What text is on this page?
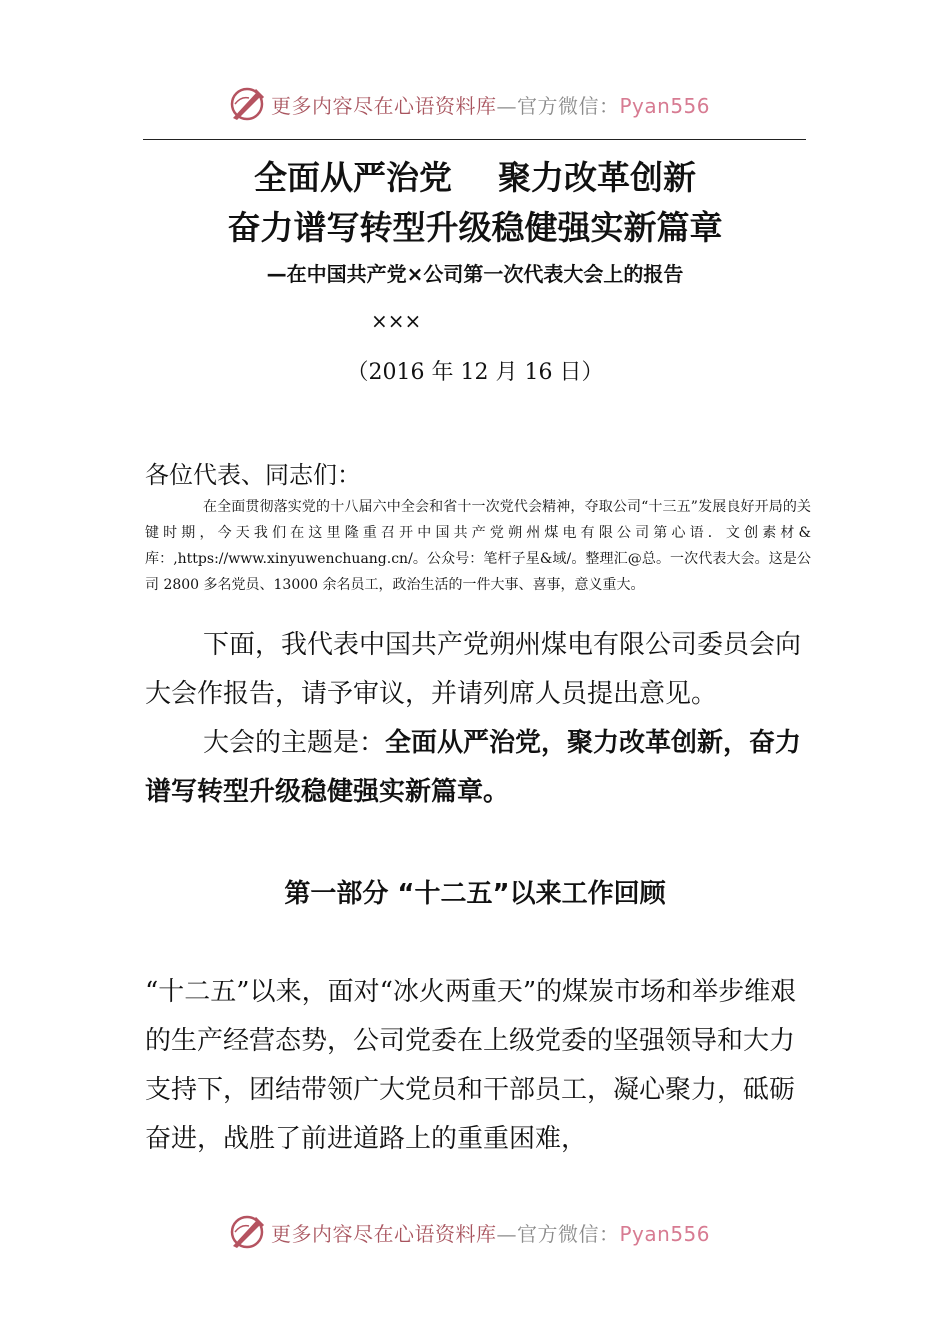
更多内容尽在心语资料库—官方微信：Pyan556
全面从严治党    聚力改革创新
奋力谱写转型升级稳健强实新篇章
—在中国共产党×公司第一次代表大会上的报告
×××
（2016 年 12 月 16 日）
各位代表、同志们：
在全面贯彻落实党的十八届六中全会和省十一次党代会精神，夺取公司“十三五”发展良好开局的关键时期，今天我们在这里隆重召开中国共产党朔州煤电有限公司第心语．文创素材&库：,https://www.xinyuwenchuang.cn/。公众号：笔杆子星&域/。整理汇@总。一次代表大会。这是公司 2800 多名党员、13000 余名员工，政治生活的一件大事、喜事，意义重大。
下面，我代表中国共产党朔州煤电有限公司委员会向大会作报告，请予审议，并请列席人员提出意见。
大会的主题是：全面从严治党，聚力改革创新，奋力谱写转型升级稳健强实新篇章。
第一部分 “十二五”以来工作回顾
“十二五”以来，面对“冰火两重天”的煤炭市场和举步维艰的生产经营态势，公司党委在上级党委的坚强领导和大力支持下，团结带领广大党员和干部员工，凝心聚力，砥砺奋进，战胜了前进道路上的重重困难，
更多内容尽在心语资料库—官方微信：Pyan556
